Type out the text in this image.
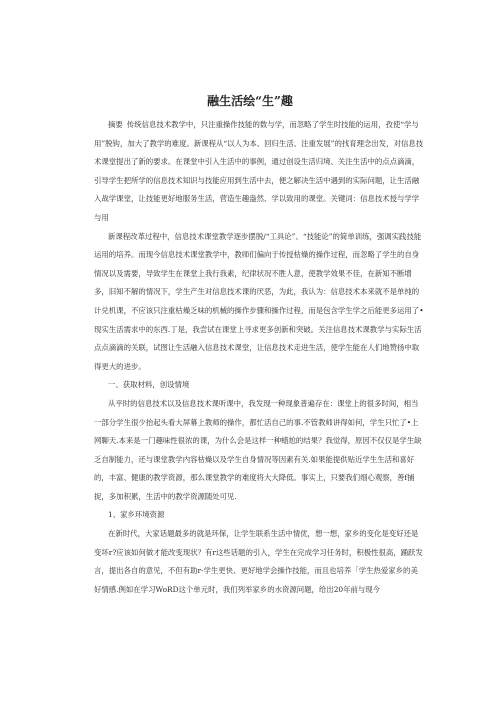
融生活绘“生”趣

摘要 传统信息技术教学中，只注重操作技能的数与学，而忽略了学生时技能的运用，孜使“学与用”脱钩，加大了教学的难度。新课程从“以人为本、回归生活、注重发展”的找育理念出发，对信息技术课堂提出了新的要求。在课堂中引入生活中的事例，通过创设生活归境、关注生活中的点点滴滴，引导学生把所学的信息技术知识与技能应用到生活中去，便之解决生活中遇到的实际问题，让生活融入战学课堂，让技能更好地服务生活，营造生趣盎然、学以致用的课堂。关键词：信息技术授与学学与用

新课程改革过程中，信息技术课堂教学逐步摆脱/“工具论”、“技能论”的简单训练，强调实践技能运用的培养。而现今信息技术课堂教学中，教师们偏向于传授枯燥的操作过程，而忽略了学生的自身情况以及需要，导致学生在课堂上我行我素，纪律状况不胜人意，使教学效果不佳，在新知不断增多，旧知不解的情况下，学生产生对信息技术课的厌恶，为此，我认为：信息技术本来就不是单纯的计兑机课，不应该只注重枯燥乏味的机械的操作步骤和操作过程，而是包含学生学之后能更多运用了•现实生活需求中的东西.丁是，我尝试在课堂上寻求更多创新和突破。关注信息技术课教学与实际生活点点滴滴的关联，试图让生活融入信息技术课堂，让信息技术走进生活，使学生能在人们地赞扬中取得更大的进步。

一、获取材料，创设情境

从平时的信息技术以及信息技术课听课中，我发现一种现象普遍存在：课堂上的很多时间，相当一部分学生很少抬起头看大屏幕上教师的操作，都忙活自己的事.不管教师讲得如何，学生只忙了•上网聊天.本来是一门趣味性很浓的课，为什么会是这样一种蜡尬的结果？我觉得，原因不仅仅是学生缺乏自制能力，还与课堂教学内容枯燥以及学生自身情况等因素有关.如果能提供贴近学生生活和喜好的，丰富、健康的教学资源，那么课堂教学的难度将大大降低。事实上，只要我们细心观察，善f捕捉，多加积累，生活中的教学资源随处可见.

1、家乡环境资源

在新时代，大家话题最多的就是环保，让学生联系生活中情优，想一想，家乡的变化是变好还是变坏r?应该如何做才能改变现状？有r这些话题的引入，学生在完成学习任务时，积极性很高，踊跃发言，提出各自的意见，不但有助r-学生更快、更好地学会操作技能，而且也培养「学生热爱家乡的美好情感.例如在学习WoRD这个单元时，我们列举家乡的水资源问题，给出20年前与现今
